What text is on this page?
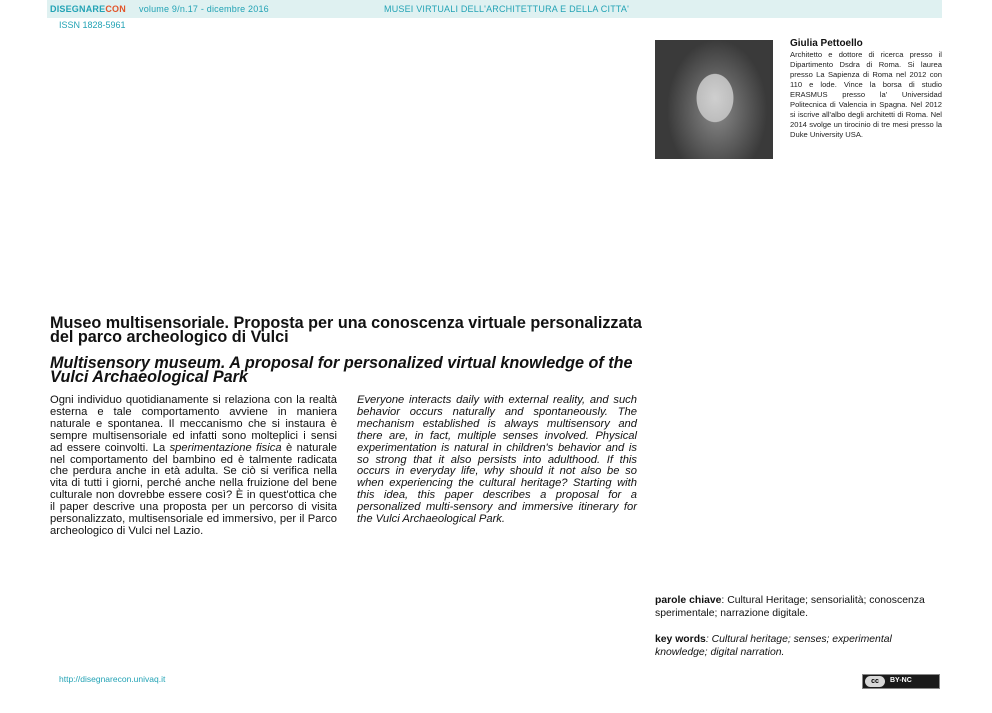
DISEGNARECON volume 9/n.17 - dicembre 2016	MUSEI VIRTUALI DELL'ARCHITETTURA E DELLA CITTA'
ISSN 1828-5961
Giulia Pettoello
Architetto e dottore di ricerca presso il Dipartimento Dsdra di Roma. Si laurea presso La Sapienza di Roma nel 2012 con 110 e lode. Vince la borsa di studio ERASMUS presso la' Universidad Politecnica di Valencia in Spagna. Nel 2012 si iscrive all'albo degli architetti di Roma. Nel 2014 svolge un tirocinio di tre mesi presso la Duke University USA.
Museo multisensoriale. Proposta per una conoscenza virtuale personalizzata del parco archeologico di Vulci
Multisensory museum. A proposal for personalized virtual knowledge of the Vulci Archaeological Park
Ogni individuo quotidianamente si relaziona con la realtà esterna e tale comportamento avviene in maniera naturale e spontanea. Il meccanismo che si instaura è sempre multisensoriale ed infatti sono molteplici i sensi ad essere coinvolti. La sperimentazione fisica è naturale nel comportamento del bambino ed è talmente radicata che perdura anche in età adulta. Se ciò si verifica nella vita di tutti i giorni, perché anche nella fruizione del bene culturale non dovrebbe essere così? È in quest'ottica che il paper descrive una proposta per un percorso di visita personalizzato, multisensoriale ed immersivo, per il Parco archeologico di Vulci nel Lazio.
Everyone interacts daily with external reality, and such behavior occurs naturally and spontaneously. The mechanism established is always multisensory and there are, in fact, multiple senses involved. Physical experimentation is natural in children's behavior and is so strong that it also persists into adulthood. If this occurs in everyday life, why should it not also be so when experiencing the cultural heritage? Starting with this idea, this paper describes a proposal for a personalized multi-sensory and immersive itinerary for the Vulci Archaeological Park.
parole chiave: Cultural Heritage; sensorialità; conoscenza sperimentale; narrazione digitale.
key words: Cultural heritage; senses; experimental knowledge; digital narration.
http://disegnarecon.univaq.it	cc	BY-NC
